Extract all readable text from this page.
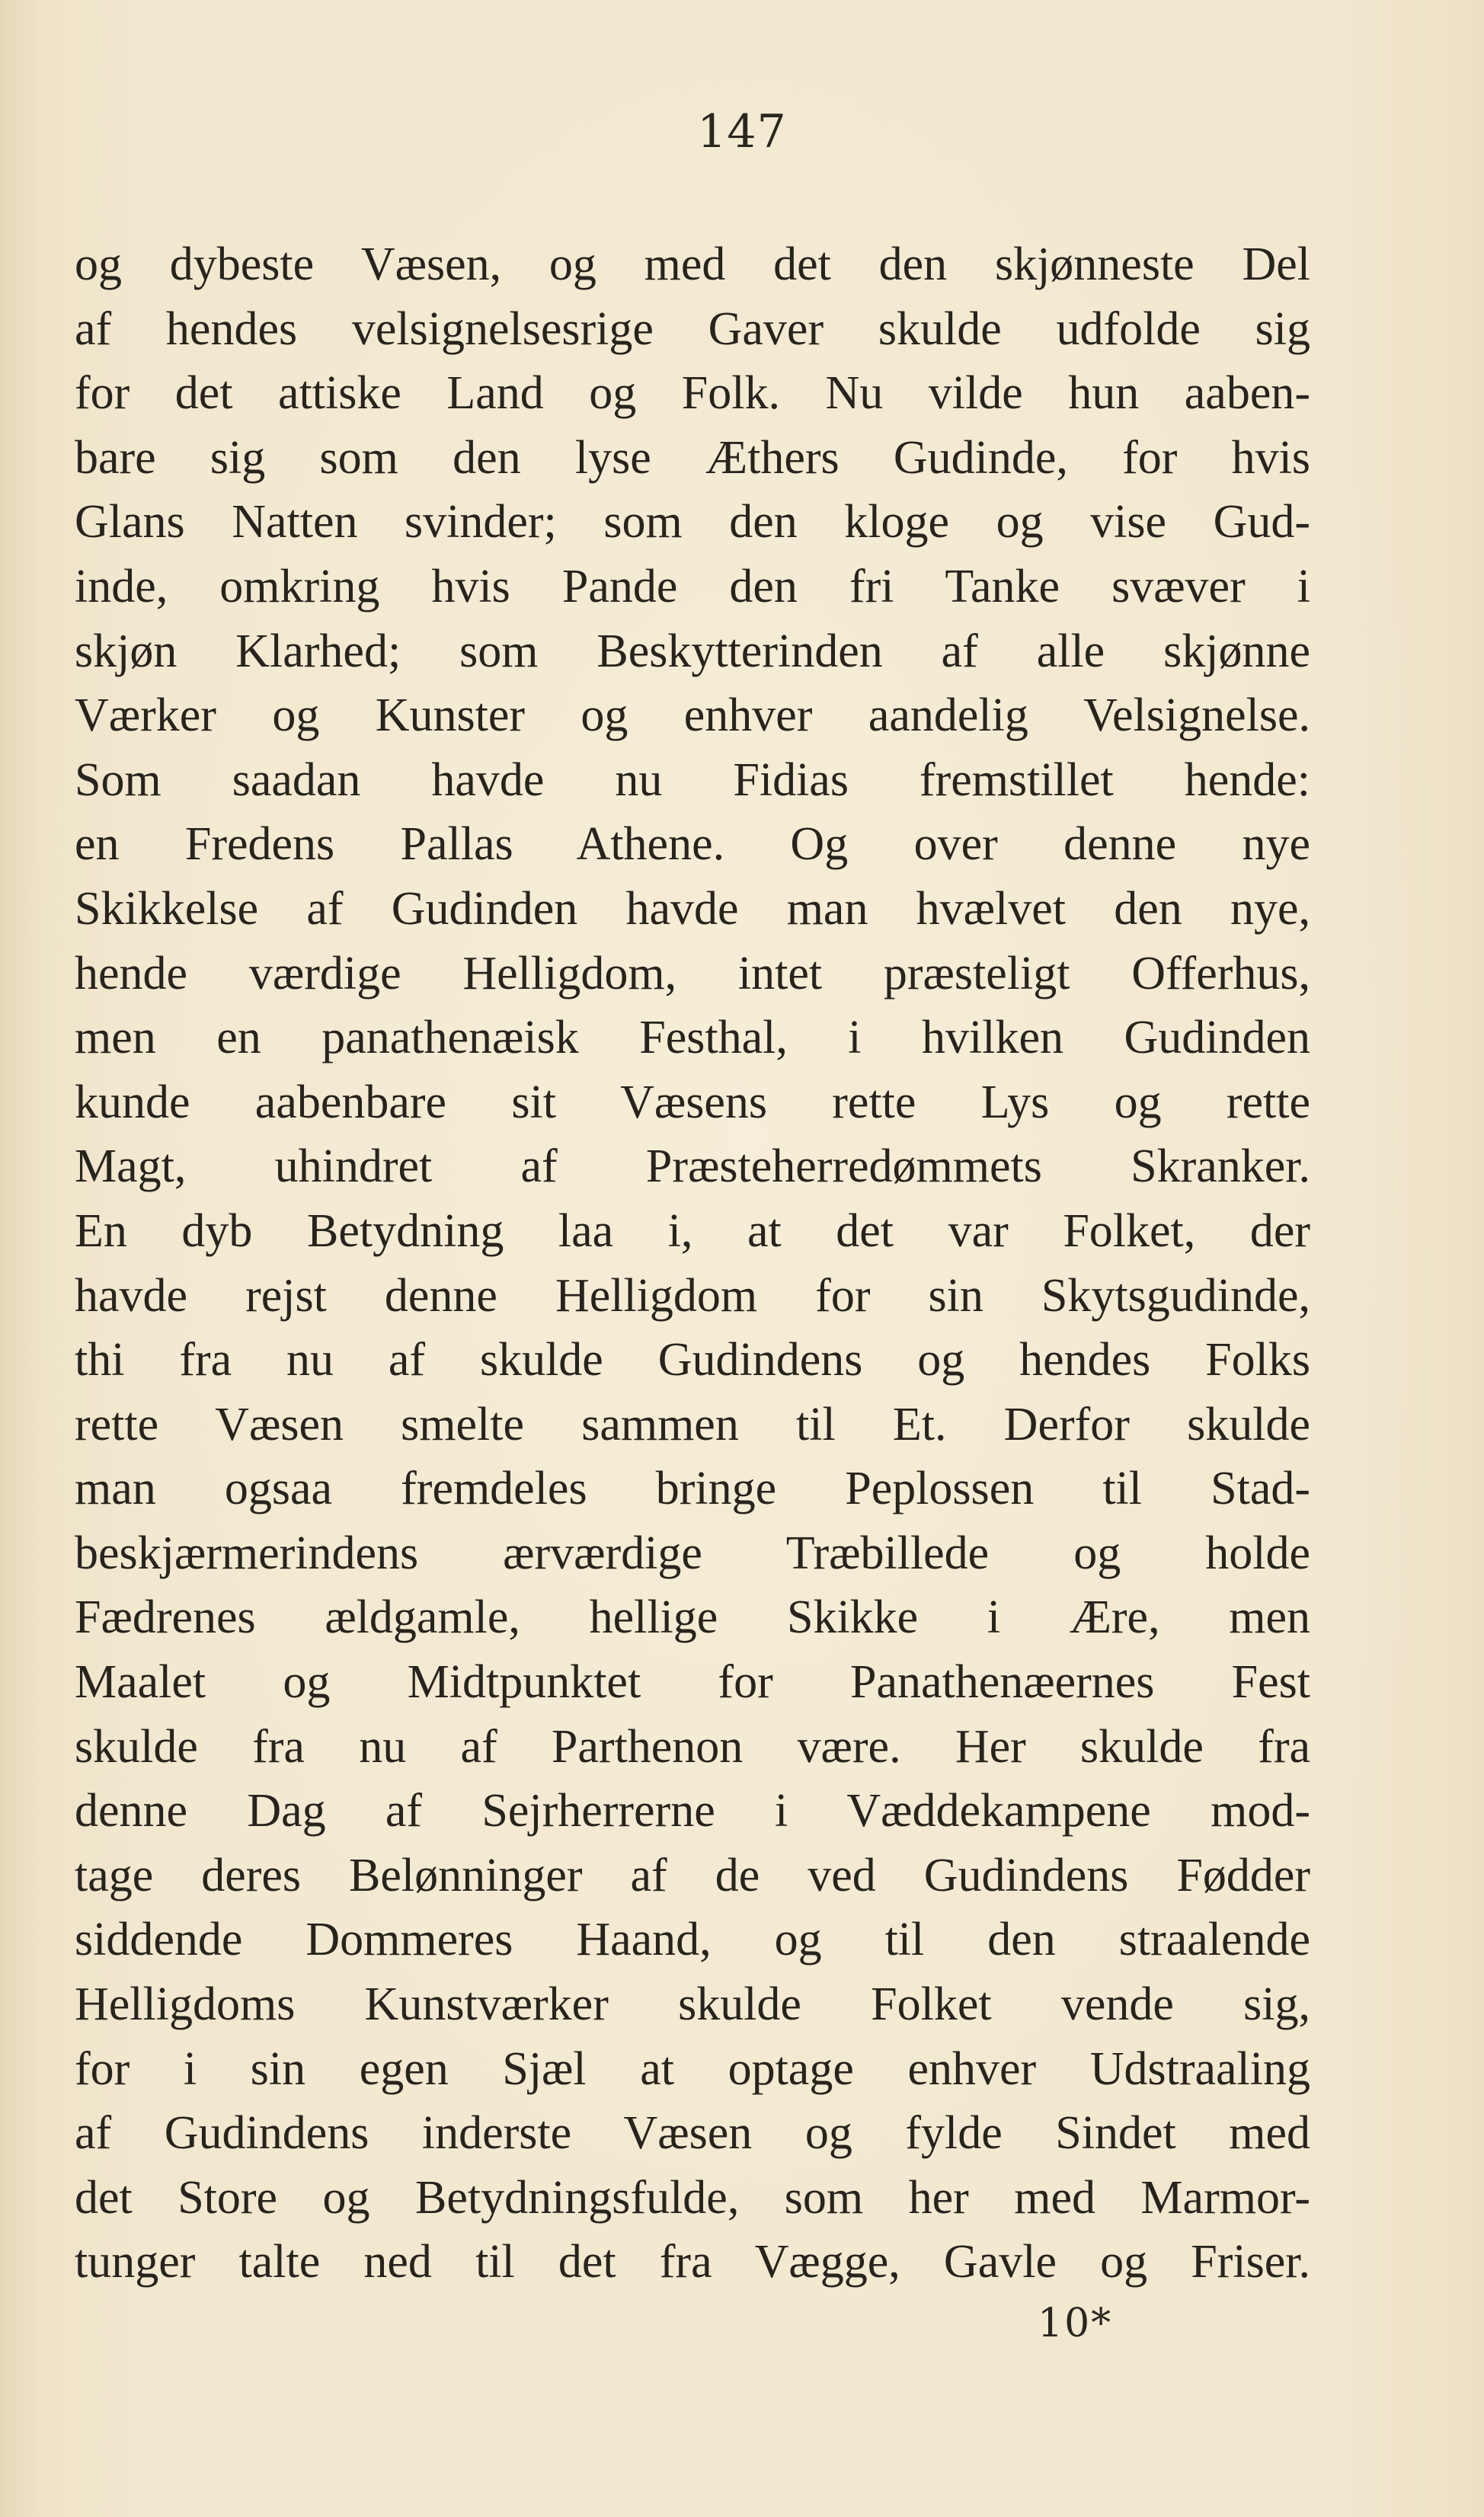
147
og dybeste Væsen, og med det den skjønneste Del
af hendes velsignelsesrige Gaver skulde udfolde sig
for det attiske Land og Folk. Nu vilde hun aaben-
bare sig som den lyse Æthers Gudinde, for hvis
Glans Natten svinder; som den kloge og vise Gud-
inde, omkring hvis Pande den fri Tanke svæver i
skjøn Klarhed; som Beskytterinden af alle skjønne
Værker og Kunster og enhver aandelig Velsignelse.
Som saadan havde nu Fidias fremstillet hende:
en Fredens Pallas Athene. Og over denne nye
Skikkelse af Gudinden havde man hvælvet den nye,
hende værdige Helligdom, intet præsteligt Offerhus,
men en panathenæisk Festhal, i hvilken Gudinden
kunde aabenbare sit Væsens rette Lys og rette
Magt, uhindret af Præsteherredømmets Skranker.
En dyb Betydning laa i, at det var Folket, der
havde rejst denne Helligdom for sin Skytsgudinde,
thi fra nu af skulde Gudindens og hendes Folks
rette Væsen smelte sammen til Et. Derfor skulde
man ogsaa fremdeles bringe Peplossen til Stad-
beskjærmerindens ærværdige Træbillede og holde
Fædrenes ældgamle, hellige Skikke i Ære, men
Maalet og Midtpunktet for Panathenæernes Fest
skulde fra nu af Parthenon være. Her skulde fra
denne Dag af Sejrherrerne i Væddekampene mod-
tage deres Belønninger af de ved Gudindens Fødder
siddende Dommeres Haand, og til den straalende
Helligdoms Kunstværker skulde Folket vende sig,
for i sin egen Sjæl at optage enhver Udstraaling
af Gudindens inderste Væsen og fylde Sindet med
det Store og Betydningsfulde, som her med Marmor-
tunger talte ned til det fra Vægge, Gavle og Friser.
10*
